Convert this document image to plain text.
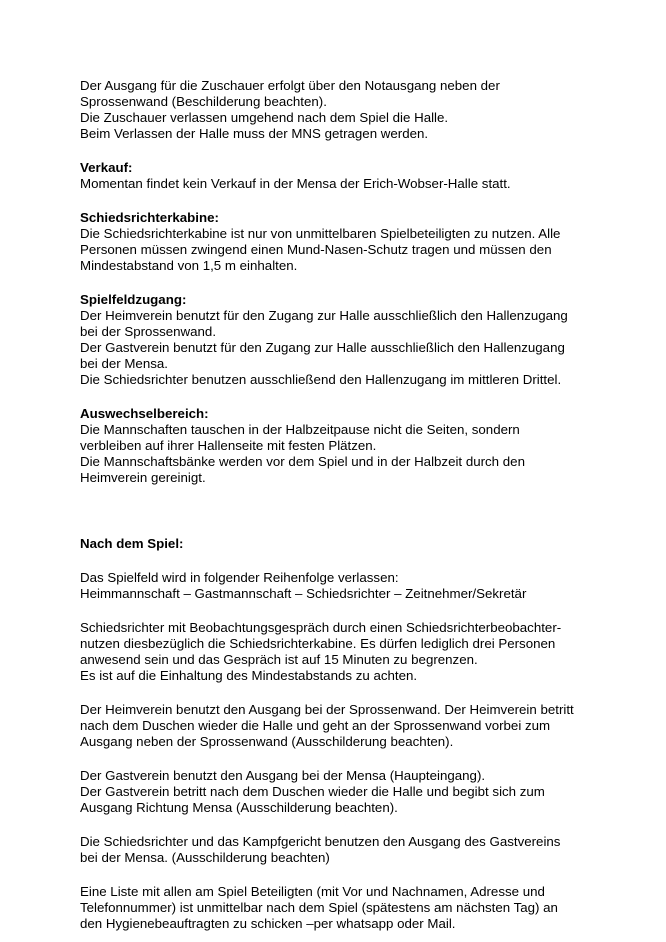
Der Ausgang für die Zuschauer erfolgt über den Notausgang neben der
Sprossenwand (Beschilderung beachten).
Die Zuschauer verlassen umgehend nach dem Spiel die Halle.
Beim Verlassen der Halle muss der MNS getragen werden.
Verkauf:
Momentan findet kein Verkauf in der Mensa der Erich-Wobser-Halle statt.
Schiedsrichterkabine:
Die Schiedsrichterkabine ist nur von unmittelbaren Spielbeteiligten zu nutzen. Alle
Personen müssen zwingend einen Mund-Nasen-Schutz tragen und müssen den
Mindestabstand von 1,5 m einhalten.
Spielfeldzugang:
Der Heimverein benutzt für den Zugang zur Halle ausschließlich den Hallenzugang
bei der Sprossenwand.
Der Gastverein benutzt für den Zugang zur Halle ausschließlich den Hallenzugang
bei der Mensa.
Die Schiedsrichter benutzen ausschließend den Hallenzugang im mittleren Drittel.
Auswechselbereich:
Die Mannschaften tauschen in der Halbzeitpause nicht die Seiten, sondern
verbleiben auf ihrer Hallenseite mit festen Plätzen.
Die Mannschaftsbänke werden vor dem Spiel und in der Halbzeit durch den
Heimverein gereinigt.
Nach dem Spiel:
Das Spielfeld wird in folgender Reihenfolge verlassen:
Heimmannschaft – Gastmannschaft – Schiedsrichter – Zeitnehmer/Sekretär
Schiedsrichter mit Beobachtungsgespräch durch einen Schiedsrichterbeobachter-
nutzen diesbezüglich die Schiedsrichterkabine. Es dürfen lediglich drei Personen
anwesend sein und das Gespräch ist auf 15 Minuten zu begrenzen.
Es ist auf die Einhaltung des Mindestabstands zu achten.
Der Heimverein benutzt den Ausgang bei der Sprossenwand. Der Heimverein betritt
nach dem Duschen wieder die Halle und geht an der Sprossenwand vorbei zum
Ausgang neben der Sprossenwand (Ausschilderung beachten).
Der Gastverein benutzt den Ausgang bei der Mensa (Haupteingang).
Der Gastverein betritt nach dem Duschen wieder die Halle und begibt sich zum
Ausgang Richtung Mensa (Ausschilderung beachten).
Die Schiedsrichter und das Kampfgericht benutzen den Ausgang des Gastvereins
bei der Mensa. (Ausschilderung beachten)
Eine Liste mit allen am Spiel Beteiligten (mit Vor und Nachnamen, Adresse und
Telefonnummer) ist unmittelbar nach dem Spiel (spätestens am nächsten Tag) an
den Hygienebeauftragten zu schicken –per whatsapp oder Mail.
